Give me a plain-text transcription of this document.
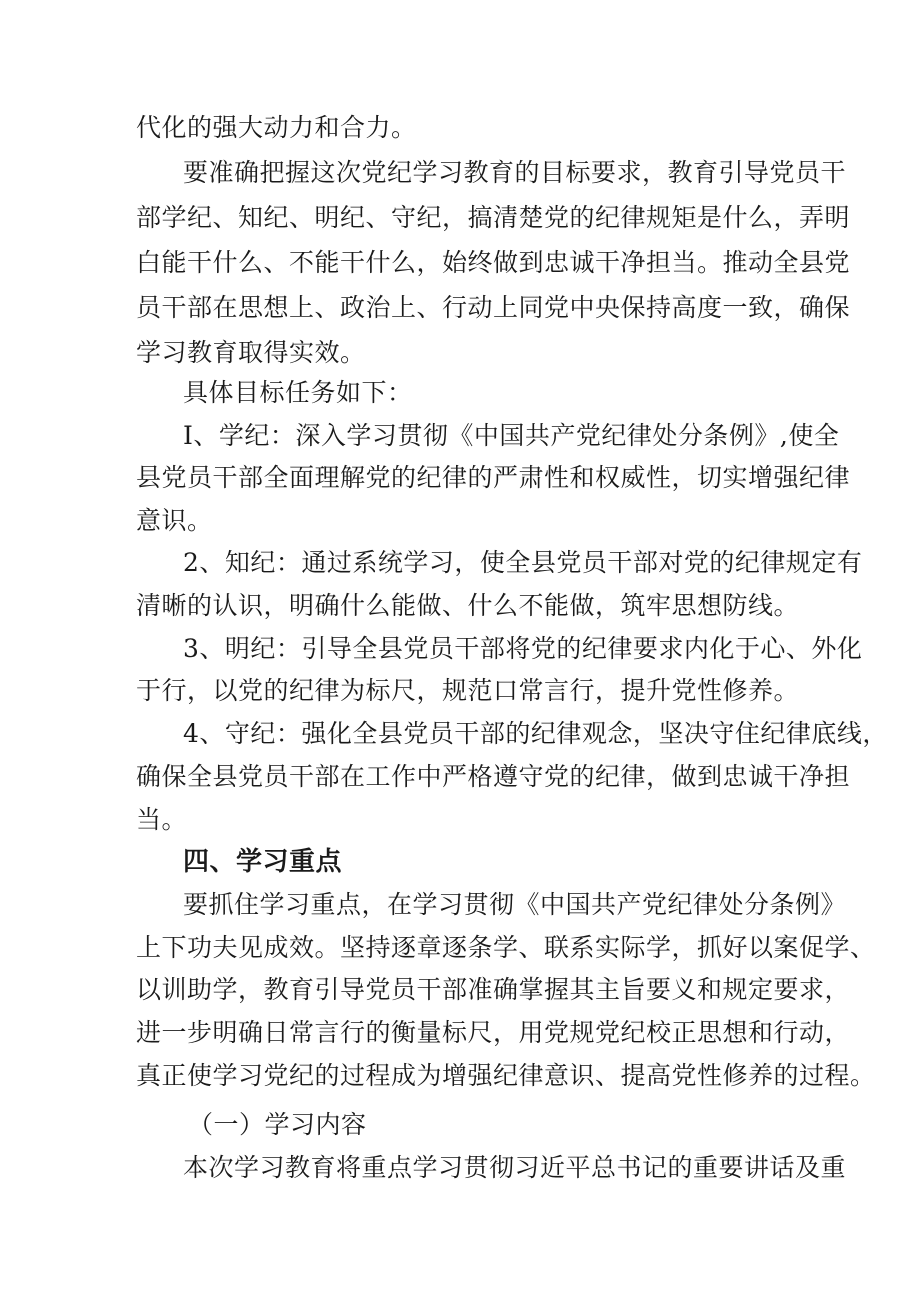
代化的强大动力和合力。
要准确把握这次党纪学习教育的目标要求，教育引导党员干
部学纪、知纪、明纪、守纪，搞清楚党的纪律规矩是什么，弄明
白能干什么、不能干什么，始终做到忠诚干净担当。推动全县党
员干部在思想上、政治上、行动上同党中央保持高度一致，确保
学习教育取得实效。
具体目标任务如下：
I、学纪：深入学习贯彻《中国共产党纪律处分条例》,使全
县党员干部全面理解党的纪律的严肃性和权威性，切实增强纪律
意识。
2、知纪：通过系统学习，使全县党员干部对党的纪律规定有
清晰的认识，明确什么能做、什么不能做，筑牢思想防线。
3、明纪：引导全县党员干部将党的纪律要求内化于心、外化
于行，以党的纪律为标尺，规范口常言行，提升党性修养。
4、守纪：强化全县党员干部的纪律观念，坚决守住纪律底线，
确保全县党员干部在工作中严格遵守党的纪律，做到忠诚干净担
当。
四、学习重点
要抓住学习重点，在学习贯彻《中国共产党纪律处分条例》
上下功夫见成效。坚持逐章逐条学、联系实际学，抓好以案促学、
以训助学，教育引导党员干部准确掌握其主旨要义和规定要求，
进一步明确日常言行的衡量标尺，用党规党纪校正思想和行动，
真正使学习党纪的过程成为增强纪律意识、提高党性修养的过程。
（一）学习内容
本次学习教育将重点学习贯彻习近平总书记的重要讲话及重
